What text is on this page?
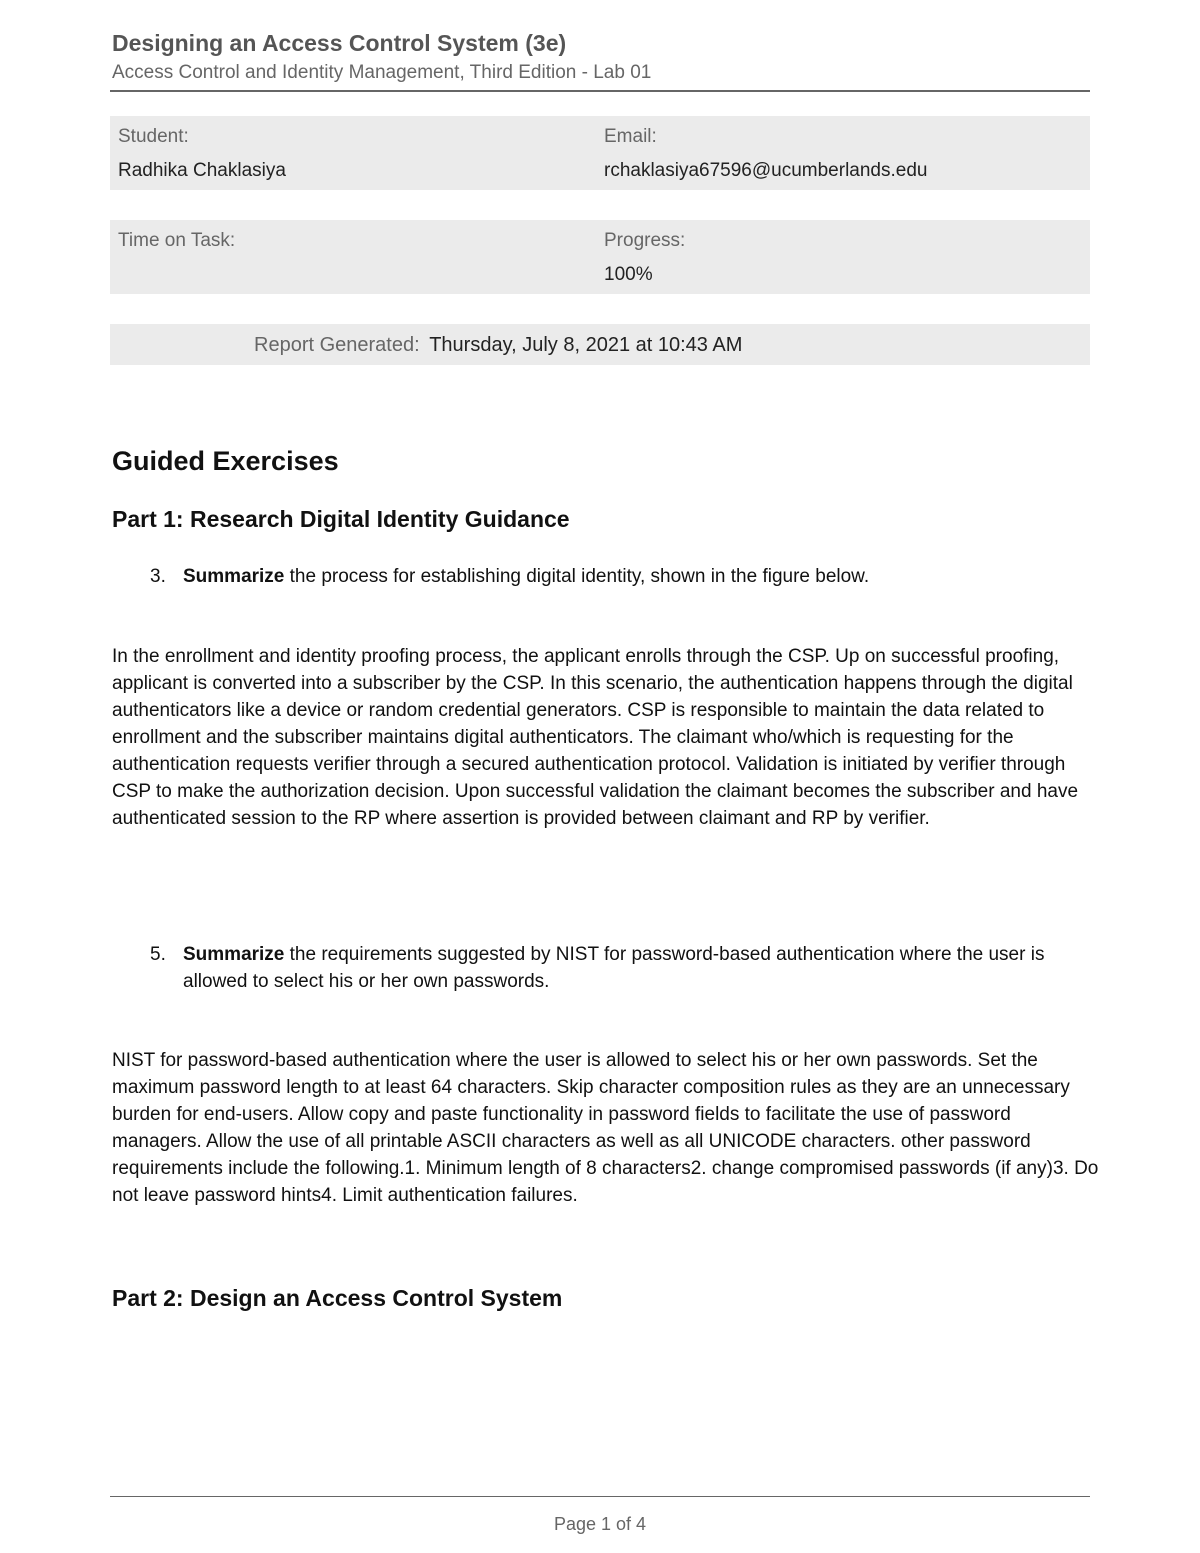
Designing an Access Control System (3e)
Access Control and Identity Management, Third Edition - Lab 01
Student:
Radhika Chaklasiya
Email:
rchaklasiya67596@ucumberlands.edu
Time on Task:	Progress:
100%
Report Generated: Thursday, July 8, 2021 at 10:43 AM
Guided Exercises
Part 1: Research Digital Identity Guidance
3. Summarize the process for establishing digital identity, shown in the figure below.

In the enrollment and identity proofing process, the applicant enrolls through the CSP. Up on successful proofing, applicant is converted into a subscriber by the CSP. In this scenario, the authentication happens through the digital authenticators like a device or random credential generators. CSP is responsible to maintain the data related to enrollment and the subscriber maintains digital authenticators. The claimant who/which is requesting for the authentication requests verifier through a secured authentication protocol. Validation is initiated by verifier through CSP to make the authorization decision. Upon successful validation the claimant becomes the subscriber and have authenticated session to the RP where assertion is provided between claimant and RP by verifier.

5. Summarize the requirements suggested by NIST for password-based authentication where the user is allowed to select his or her own passwords.

NIST for password-based authentication where the user is allowed to select his or her own passwords. Set the maximum password length to at least 64 characters. Skip character composition rules as they are an unnecessary burden for end-users. Allow copy and paste functionality in password fields to facilitate the use of password managers. Allow the use of all printable ASCII characters as well as all UNICODE characters. other password requirements include the following.1. Minimum length of 8 characters2. change compromised passwords (if any)3. Do not leave password hints4. Limit authentication failures.

Part 2: Design an Access Control System
Page 1 of 4
